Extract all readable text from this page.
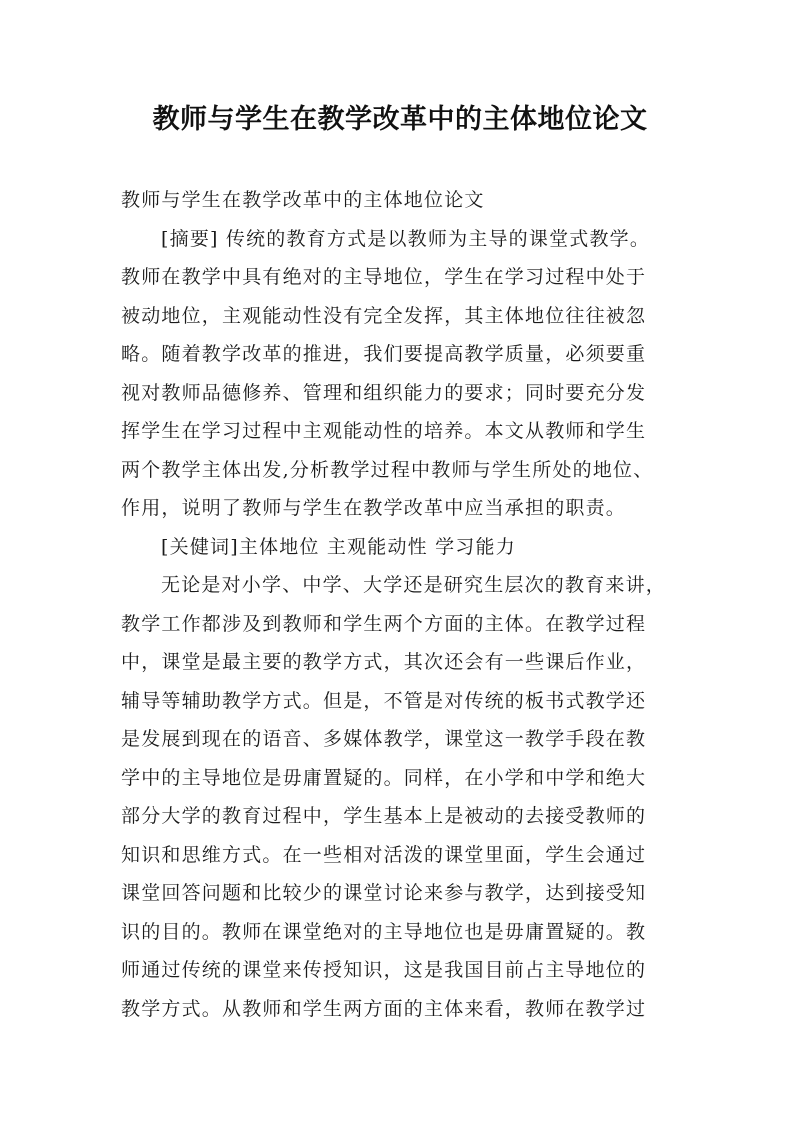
教师与学生在教学改革中的主体地位论文
教师与学生在教学改革中的主体地位论文
[摘要] 传统的教育方式是以教师为主导的课堂式教学。
教师在教学中具有绝对的主导地位，学生在学习过程中处于
被动地位，主观能动性没有完全发挥，其主体地位往往被忽
略。随着教学改革的推进，我们要提高教学质量，必须要重
视对教师品德修养、管理和组织能力的要求；同时要充分发
挥学生在学习过程中主观能动性的培养。本文从教师和学生
两个教学主体出发,分析教学过程中教师与学生所处的地位、
作用，说明了教师与学生在教学改革中应当承担的职责。
[关健词]主体地位 主观能动性 学习能力
无论是对小学、中学、大学还是研究生层次的教育来讲，
教学工作都涉及到教师和学生两个方面的主体。在教学过程
中，课堂是最主要的教学方式，其次还会有一些课后作业，
辅导等辅助教学方式。但是，不管是对传统的板书式教学还
是发展到现在的语音、多媒体教学，课堂这一教学手段在教
学中的主导地位是毋庸置疑的。同样，在小学和中学和绝大
部分大学的教育过程中，学生基本上是被动的去接受教师的
知识和思维方式。在一些相对活泼的课堂里面，学生会通过
课堂回答问题和比较少的课堂讨论来参与教学，达到接受知
识的目的。教师在课堂绝对的主导地位也是毋庸置疑的。教
师通过传统的课堂来传授知识，这是我国目前占主导地位的
教学方式。从教师和学生两方面的主体来看，教师在教学过
